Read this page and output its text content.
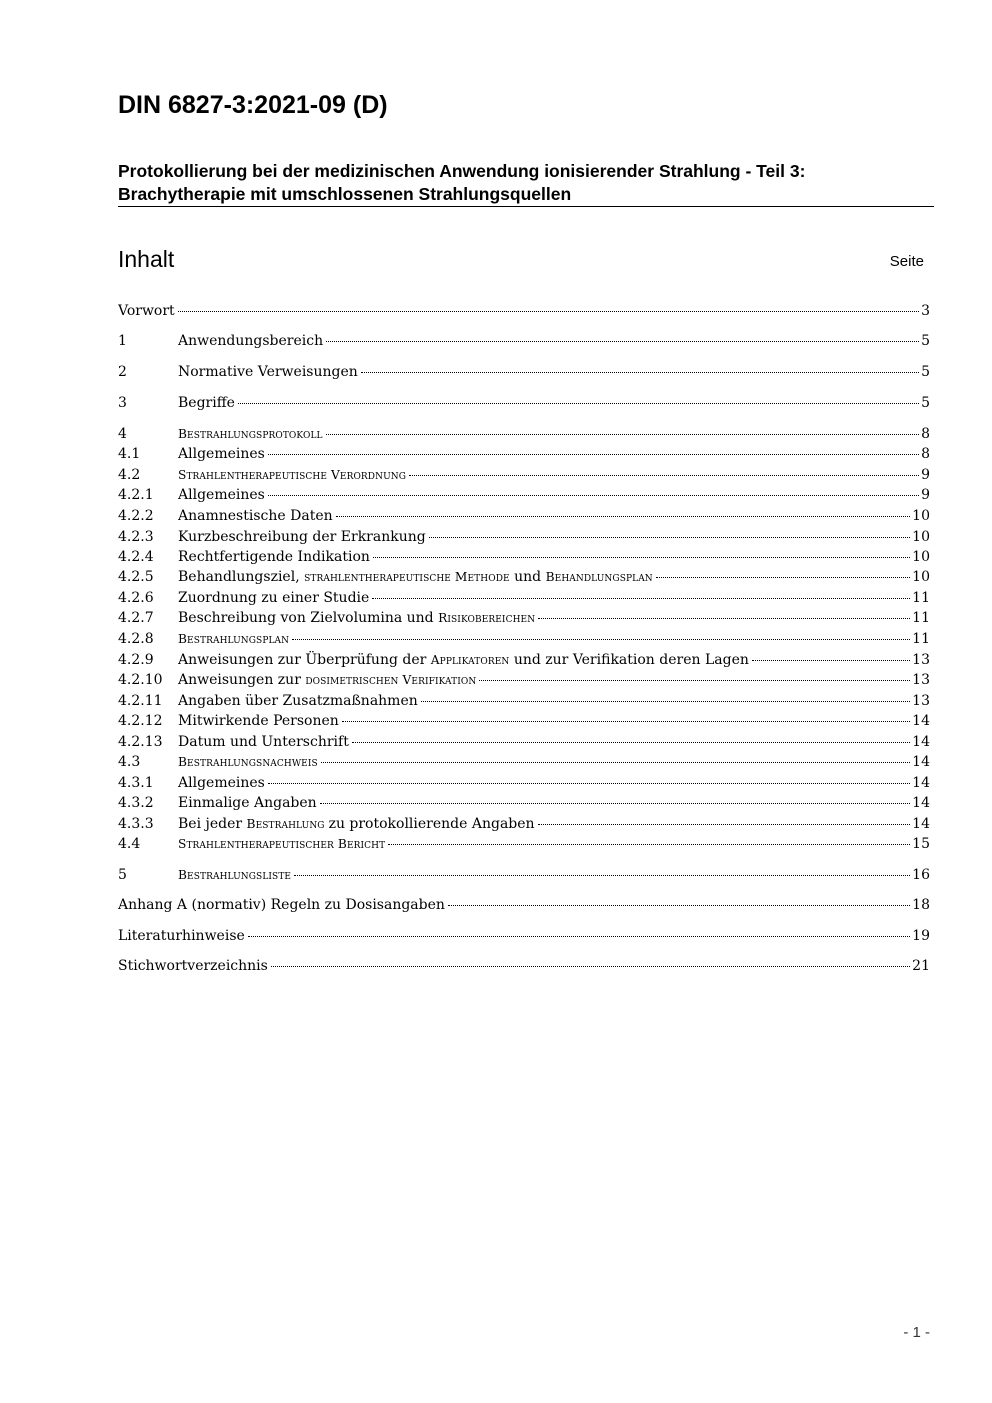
DIN 6827-3:2021-09 (D)
Protokollierung bei der medizinischen Anwendung ionisierender Strahlung - Teil 3:
Brachytherapie mit umschlossenen Strahlungsquellen
Inhalt	Seite
Vorwort	3
1	Anwendungsbereich	5
2	Normative Verweisungen	5
3	Begriffe	5
4	Bestrahlungsprotokoll	8
4.1	Allgemeines	8
4.2	Strahlentherapeutische Verordnung	9
4.2.1	Allgemeines	9
4.2.2	Anamnestische Daten	10
4.2.3	Kurzbeschreibung der Erkrankung	10
4.2.4	Rechtfertigende Indikation	10
4.2.5	Behandlungsziel, strahlentherapeutische Methode und Behandlungsplan	10
4.2.6	Zuordnung zu einer Studie	11
4.2.7	Beschreibung von Zielvolumina und Risikobereichen	11
4.2.8	Bestrahlungsplan	11
4.2.9	Anweisungen zur Überprüfung der Applikatoren und zur Verifikation deren Lagen	13
4.2.10	Anweisungen zur dosimetrischen Verifikation	13
4.2.11	Angaben über Zusatzmaßnahmen	13
4.2.12	Mitwirkende Personen	14
4.2.13	Datum und Unterschrift	14
4.3	Bestrahlungsnachweis	14
4.3.1	Allgemeines	14
4.3.2	Einmalige Angaben	14
4.3.3	Bei jeder Bestrahlung zu protokollierende Angaben	14
4.4	Strahlentherapeutischer Bericht	15
5	Bestrahlungsliste	16
Anhang A (normativ) Regeln zu Dosisangaben	18
Literaturhinweise	19
Stichwortverzeichnis	21
- 1 -
